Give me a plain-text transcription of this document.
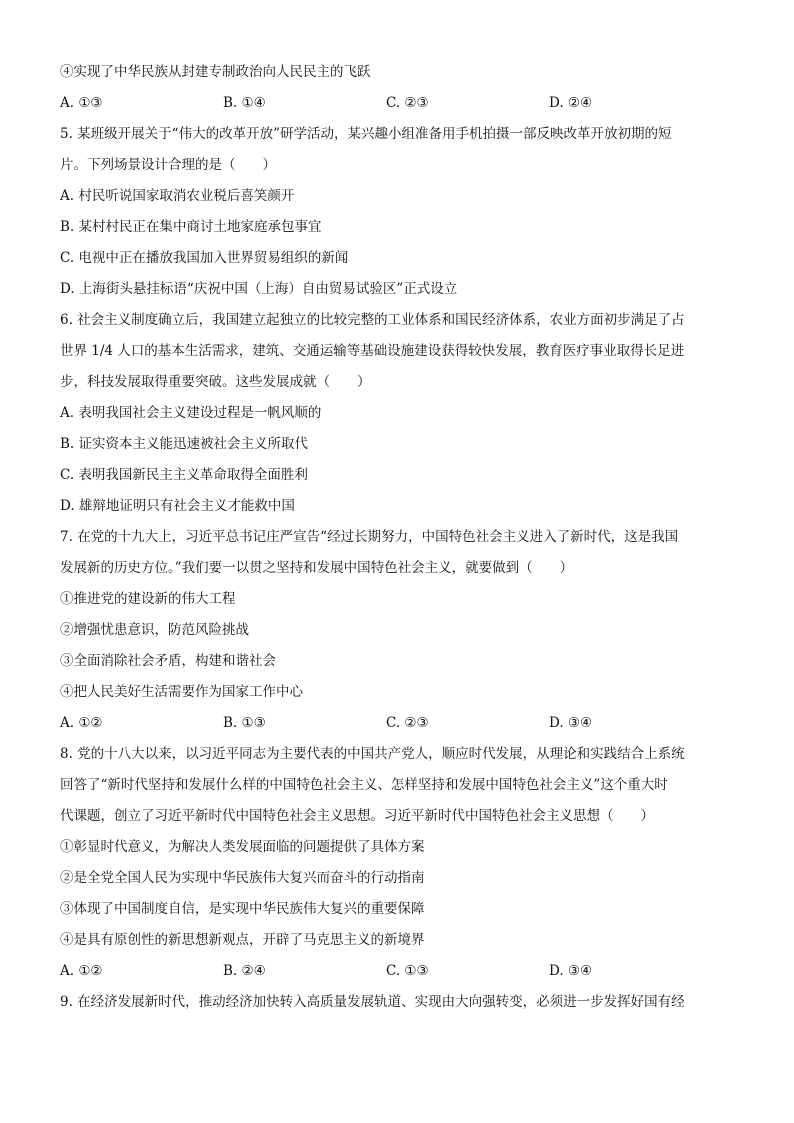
④实现了中华民族从封建专制政治向人民民主的飞跃
A. ①③	B. ①④	C. ②③	D. ②④
5. 某班级开展关于“伟大的改革开放”研学活动，某兴趣小组准备用手机拍摄一部反映改革开放初期的短
片。下列场景设计合理的是（　　）
A. 村民听说国家取消农业税后喜笑颜开
B. 某村村民正在集中商讨土地家庭承包事宜
C. 电视中正在播放我国加入世界贸易组织的新闻
D. 上海街头悬挂标语“庆祝中国（上海）自由贸易试验区”正式设立
6. 社会主义制度确立后，我国建立起独立的比较完整的工业体系和国民经济体系，农业方面初步满足了占
世界 1/4 人口的基本生活需求，建筑、交通运输等基础设施建设获得较快发展，教育医疗事业取得长足进
步，科技发展取得重要突破。这些发展成就（　　）
A. 表明我国社会主义建设过程是一帆风顺的
B. 证实资本主义能迅速被社会主义所取代
C. 表明我国新民主主义革命取得全面胜利
D. 雄辩地证明只有社会主义才能救中国
7. 在党的十九大上，习近平总书记庄严宣告“经过长期努力，中国特色社会主义进入了新时代，这是我国
发展新的历史方位。”我们要一以贯之坚持和发展中国特色社会主义，就要做到（　　）
①推进党的建设新的伟大工程
②增强忧患意识，防范风险挑战
③全面消除社会矛盾，构建和谐社会
④把人民美好生活需要作为国家工作中心
A. ①②	B. ①③	C. ②③	D. ③④
8. 党的十八大以来，以习近平同志为主要代表的中国共产党人，顺应时代发展，从理论和实践结合上系统
回答了“新时代坚持和发展什么样的中国特色社会主义、怎样坚持和发展中国特色社会主义”这个重大时
代课题，创立了习近平新时代中国特色社会主义思想。习近平新时代中国特色社会主义思想（　　）
①彰显时代意义，为解决人类发展面临的问题提供了具体方案
②是全党全国人民为实现中华民族伟大复兴而奋斗的行动指南
③体现了中国制度自信，是实现中华民族伟大复兴的重要保障
④是具有原创性的新思想新观点，开辟了马克思主义的新境界
A. ①②	B. ②④	C. ①③	D. ③④
9. 在经济发展新时代，推动经济加快转入高质量发展轨道、实现由大向强转变，必须进一步发挥好国有经
